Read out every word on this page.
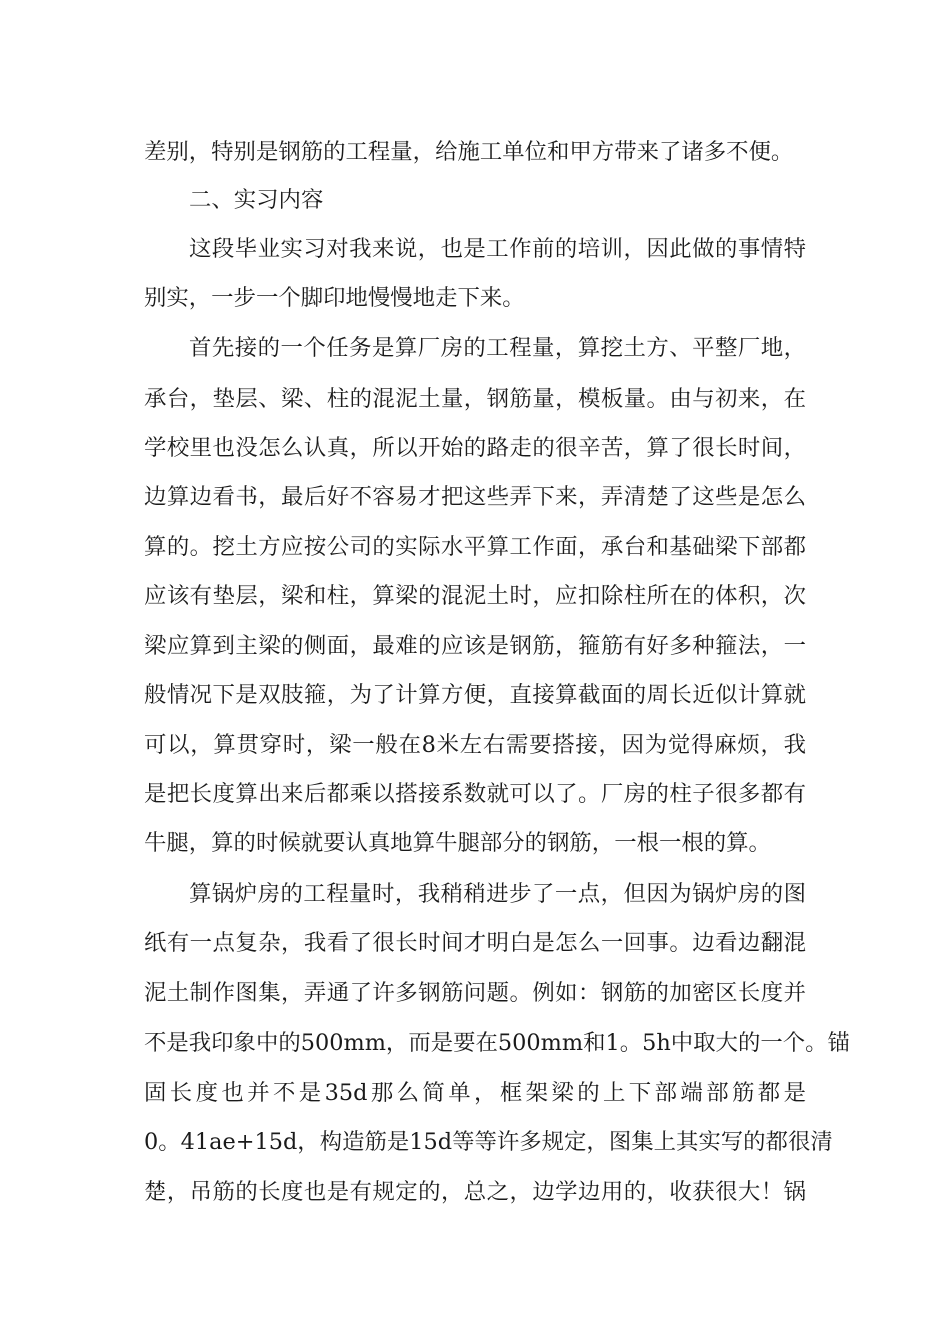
差别，特别是钢筋的工程量，给施工单位和甲方带来了诸多不便。
二、实习内容
这段毕业实习对我来说，也是工作前的培训，因此做的事情特
别实，一步一个脚印地慢慢地走下来。
首先接的一个任务是算厂房的工程量，算挖土方、平整厂地，
承台，垫层、梁、柱的混泥土量，钢筋量，模板量。由与初来，在
学校里也没怎么认真，所以开始的路走的很辛苦，算了很长时间，
边算边看书，最后好不容易才把这些弄下来，弄清楚了这些是怎么
算的。挖土方应按公司的实际水平算工作面，承台和基础梁下部都
应该有垫层，梁和柱，算梁的混泥土时，应扣除柱所在的体积，次
梁应算到主梁的侧面，最难的应该是钢筋，箍筋有好多种箍法，一
般情况下是双肢箍，为了计算方便，直接算截面的周长近似计算就
可以，算贯穿时，梁一般在8米左右需要搭接，因为觉得麻烦，我
是把长度算出来后都乘以搭接系数就可以了。厂房的柱子很多都有
牛腿，算的时候就要认真地算牛腿部分的钢筋，一根一根的算。
算锅炉房的工程量时，我稍稍进步了一点，但因为锅炉房的图
纸有一点复杂，我看了很长时间才明白是怎么一回事。边看边翻混
泥土制作图集，弄通了许多钢筋问题。例如：钢筋的加密区长度并
不是我印象中的500mm，而是要在500mm和1。5h中取大的一个。锚
固长度也并不是35d那么简单，框架梁的上下部端部筋都是
0。41ae+15d，构造筋是15d等等许多规定，图集上其实写的都很清
楚，吊筋的长度也是有规定的，总之，边学边用的，收获很大！锅
